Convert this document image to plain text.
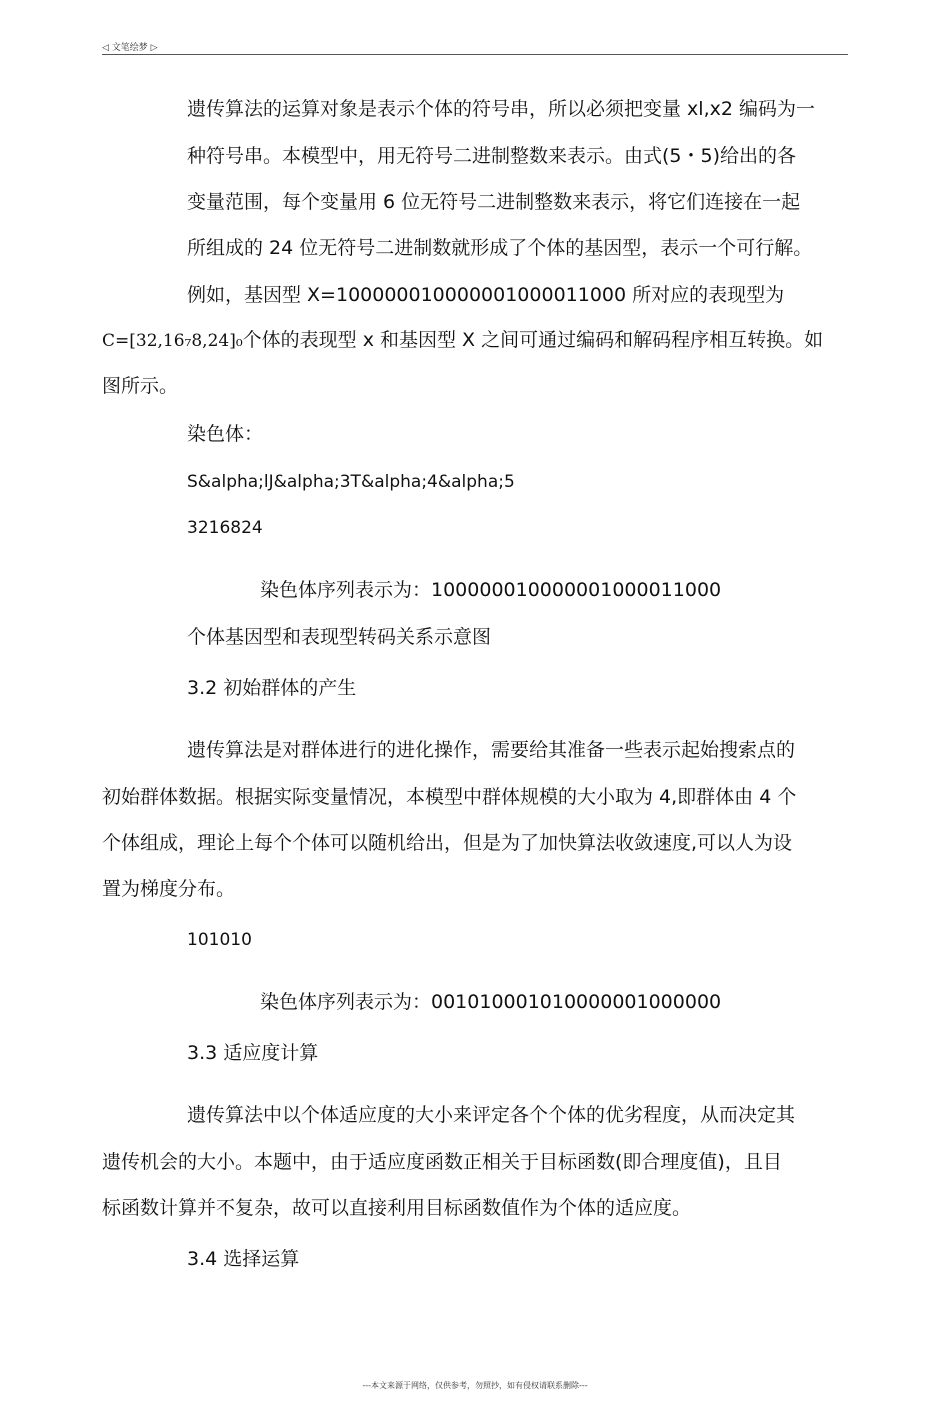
◁ 文笔绘梦 ▷
遗传算法的运算对象是表示个体的符号串，所以必须把变量 xl,x2 编码为一
种符号串。本模型中，用无符号二进制整数来表示。由式(5・5)给出的各
变量范围，每个变量用 6 位无符号二进制整数来表示，将它们连接在一起
所组成的 24 位无符号二进制数就形成了个体的基因型，表示一个可行解。
例如，基因型 X=100000010000001000011000 所对应的表现型为
C=[32,16₇8,24]₀个体的表现型 x 和基因型 X 之间可通过编码和解码程序相互转换。如
图所示。
染色体：
S&alpha;lJ&alpha;3T&alpha;4&alpha;5
3216824
染色体序列表示为：100000010000001000011000
个体基因型和表现型转码关系示意图
3.2 初始群体的产生
遗传算法是对群体进行的进化操作，需要给其准备一些表示起始搜索点的
初始群体数据。根据实际变量情况，本模型中群体规模的大小取为 4,即群体由 4 个
个体组成，理论上每个个体可以随机给出，但是为了加快算法收敛速度,可以人为设
置为梯度分布。
101010
染色体序列表示为：001010001010000001000000
3.3 适应度计算
遗传算法中以个体适应度的大小来评定各个个体的优劣程度，从而决定其
遗传机会的大小。本题中，由于适应度函数正相关于目标函数(即合理度值)，且目
标函数计算并不复杂，故可以直接利用目标函数值作为个体的适应度。
3.4 选择运算
---本文来源于网络，仅供参考，勿照抄，如有侵权请联系删除---
